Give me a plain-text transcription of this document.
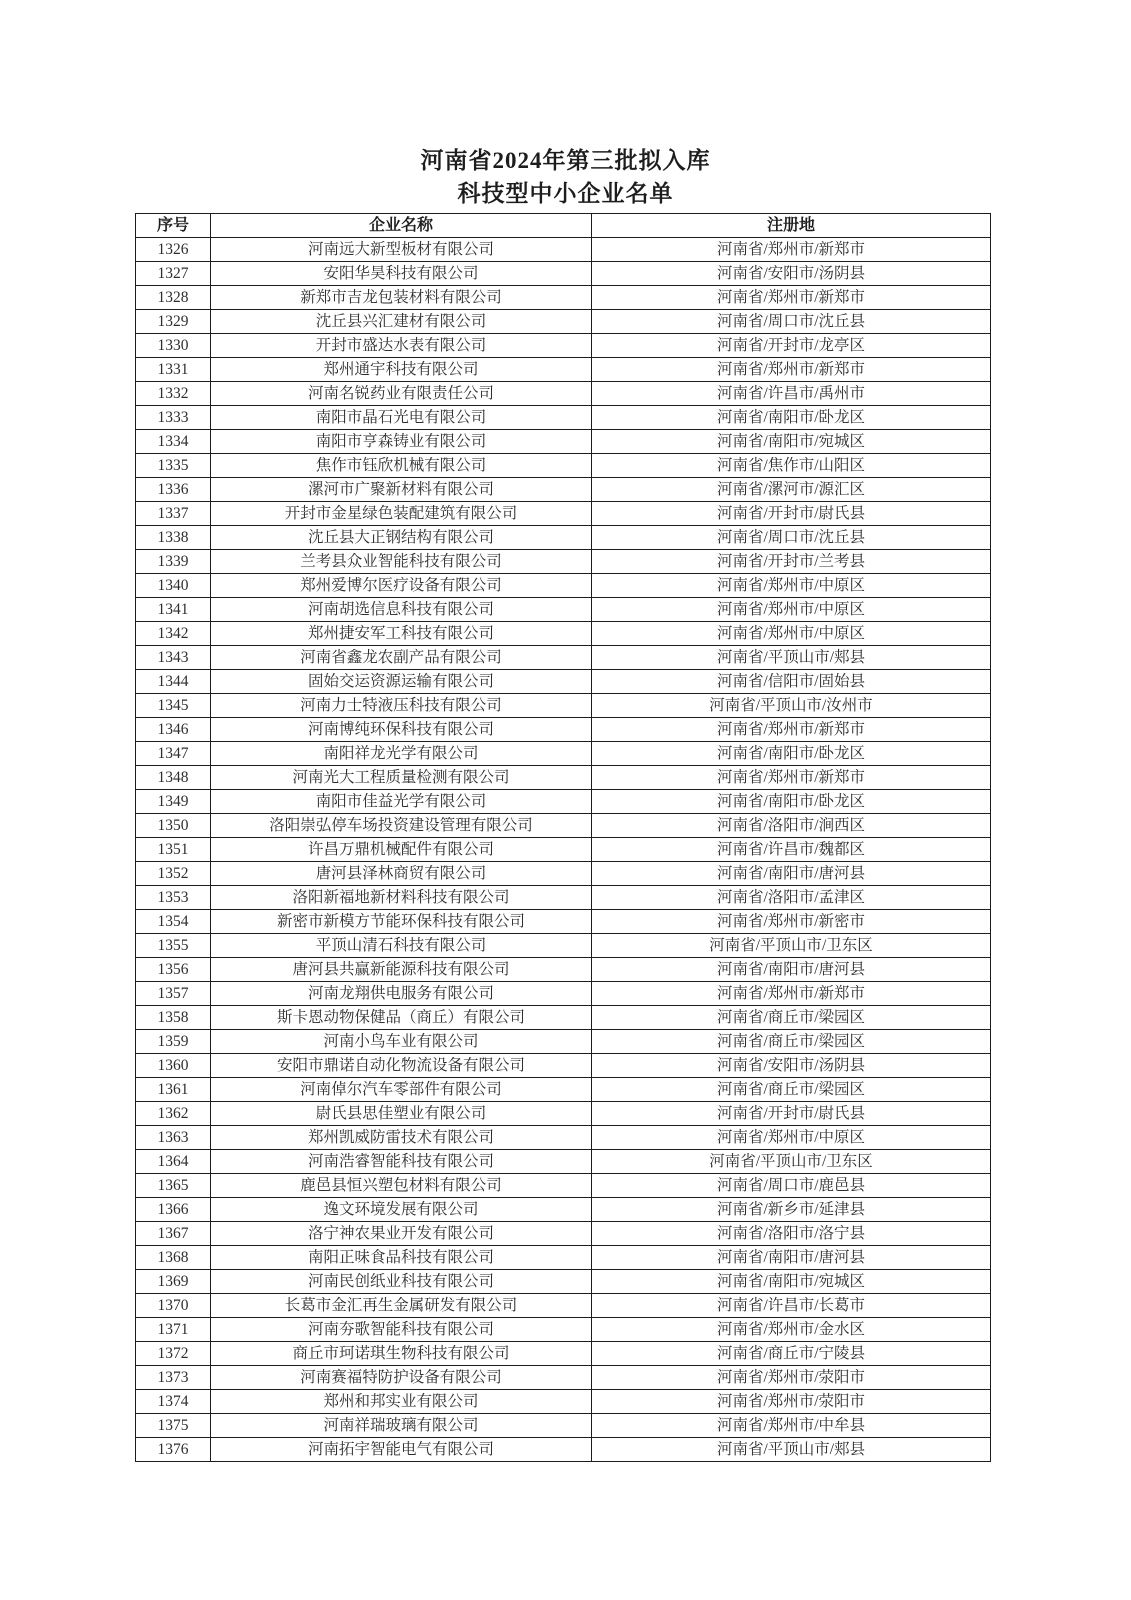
河南省2024年第三批拟入库
科技型中小企业名单
序号	企业名称	注册地
1326	河南远大新型板材有限公司	河南省/郑州市/新郑市
1327	安阳华昊科技有限公司	河南省/安阳市/汤阴县
1328	新郑市吉龙包装材料有限公司	河南省/郑州市/新郑市
1329	沈丘县兴汇建材有限公司	河南省/周口市/沈丘县
1330	开封市盛达水表有限公司	河南省/开封市/龙亭区
1331	郑州通宇科技有限公司	河南省/郑州市/新郑市
1332	河南名锐药业有限责任公司	河南省/许昌市/禹州市
1333	南阳市晶石光电有限公司	河南省/南阳市/卧龙区
1334	南阳市亨森铸业有限公司	河南省/南阳市/宛城区
1335	焦作市钰欣机械有限公司	河南省/焦作市/山阳区
1336	漯河市广聚新材料有限公司	河南省/漯河市/源汇区
1337	开封市金星绿色装配建筑有限公司	河南省/开封市/尉氏县
1338	沈丘县大正钢结构有限公司	河南省/周口市/沈丘县
1339	兰考县众业智能科技有限公司	河南省/开封市/兰考县
1340	郑州爱博尔医疗设备有限公司	河南省/郑州市/中原区
1341	河南胡选信息科技有限公司	河南省/郑州市/中原区
1342	郑州捷安军工科技有限公司	河南省/郑州市/中原区
1343	河南省鑫龙农副产品有限公司	河南省/平顶山市/郏县
1344	固始交运资源运输有限公司	河南省/信阳市/固始县
1345	河南力士特液压科技有限公司	河南省/平顶山市/汝州市
1346	河南博纯环保科技有限公司	河南省/郑州市/新郑市
1347	南阳祥龙光学有限公司	河南省/南阳市/卧龙区
1348	河南光大工程质量检测有限公司	河南省/郑州市/新郑市
1349	南阳市佳益光学有限公司	河南省/南阳市/卧龙区
1350	洛阳崇弘停车场投资建设管理有限公司	河南省/洛阳市/涧西区
1351	许昌万鼎机械配件有限公司	河南省/许昌市/魏都区
1352	唐河县泽林商贸有限公司	河南省/南阳市/唐河县
1353	洛阳新福地新材料科技有限公司	河南省/洛阳市/孟津区
1354	新密市新模方节能环保科技有限公司	河南省/郑州市/新密市
1355	平顶山清石科技有限公司	河南省/平顶山市/卫东区
1356	唐河县共赢新能源科技有限公司	河南省/南阳市/唐河县
1357	河南龙翔供电服务有限公司	河南省/郑州市/新郑市
1358	斯卡恩动物保健品（商丘）有限公司	河南省/商丘市/梁园区
1359	河南小鸟车业有限公司	河南省/商丘市/梁园区
1360	安阳市鼎诺自动化物流设备有限公司	河南省/安阳市/汤阴县
1361	河南倬尔汽车零部件有限公司	河南省/商丘市/梁园区
1362	尉氏县思佳塑业有限公司	河南省/开封市/尉氏县
1363	郑州凯威防雷技术有限公司	河南省/郑州市/中原区
1364	河南浩睿智能科技有限公司	河南省/平顶山市/卫东区
1365	鹿邑县恒兴塑包材料有限公司	河南省/周口市/鹿邑县
1366	逸文环境发展有限公司	河南省/新乡市/延津县
1367	洛宁神农果业开发有限公司	河南省/洛阳市/洛宁县
1368	南阳正味食品科技有限公司	河南省/南阳市/唐河县
1369	河南民创纸业科技有限公司	河南省/南阳市/宛城区
1370	长葛市金汇再生金属研发有限公司	河南省/许昌市/长葛市
1371	河南夯歌智能科技有限公司	河南省/郑州市/金水区
1372	商丘市珂诺琪生物科技有限公司	河南省/商丘市/宁陵县
1373	河南赛福特防护设备有限公司	河南省/郑州市/荥阳市
1374	郑州和邦实业有限公司	河南省/郑州市/荥阳市
1375	河南祥瑞玻璃有限公司	河南省/郑州市/中牟县
1376	河南拓宇智能电气有限公司	河南省/平顶山市/郏县
